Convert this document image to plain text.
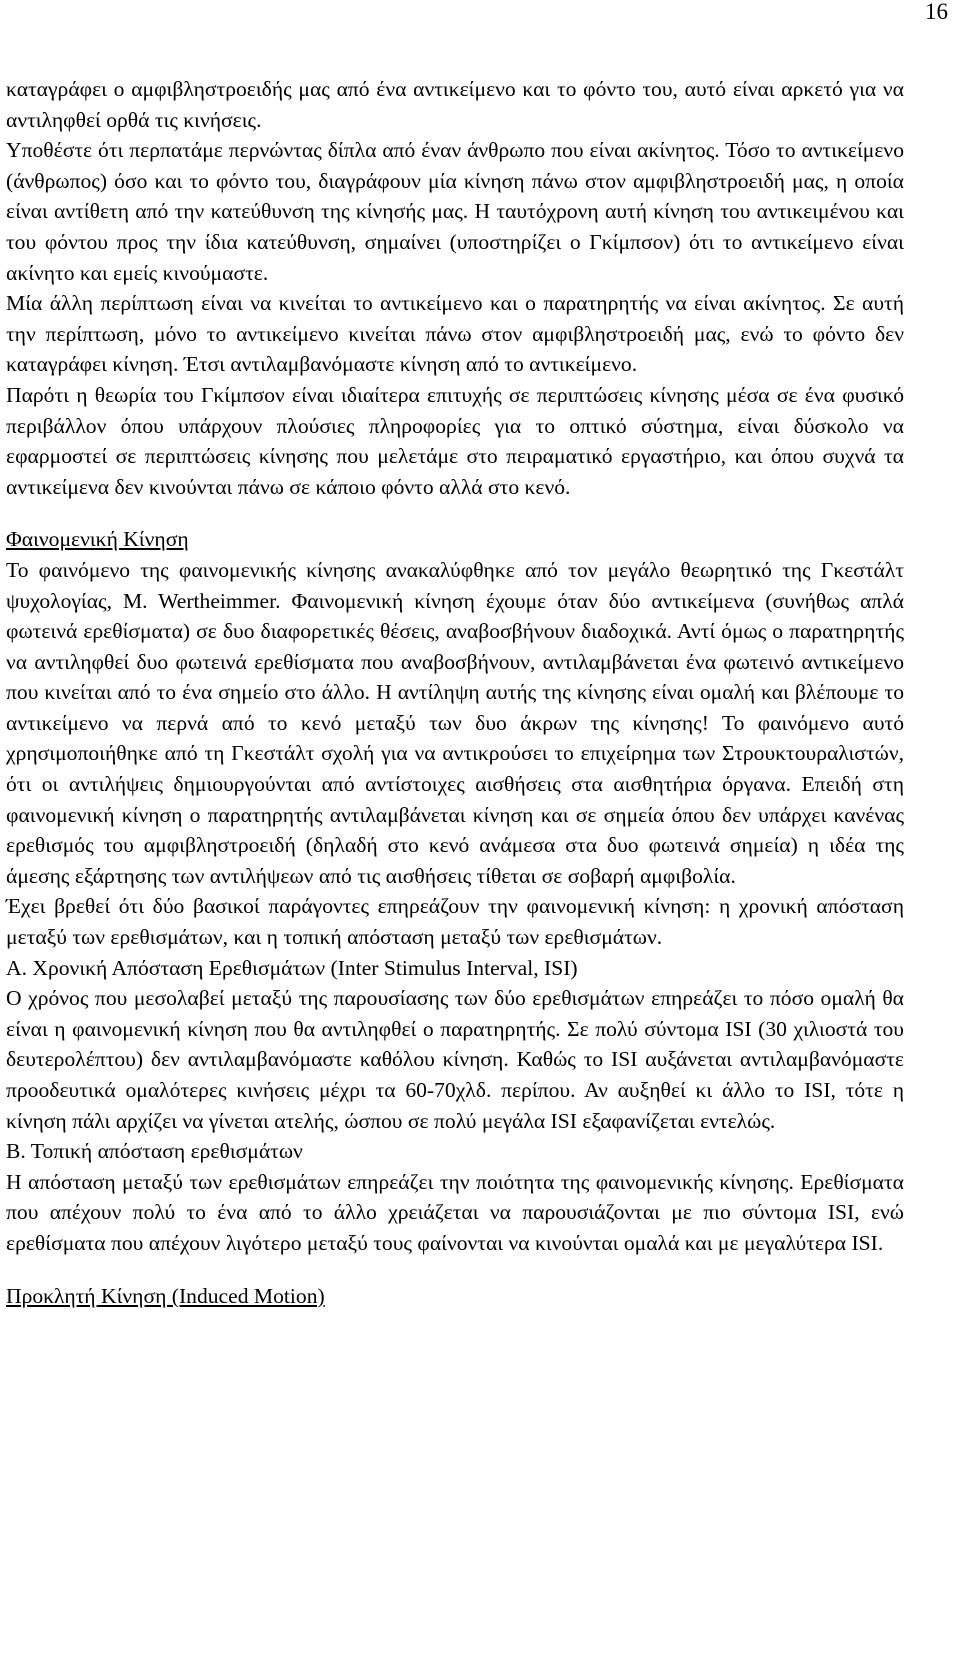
16

καταγράφει ο αμφιβληστροειδής μας από ένα αντικείμενο και το φόντο του, αυτό είναι αρκετό για να αντιληφθεί ορθά τις κινήσεις.

Υποθέστε ότι περπατάμε περνώντας δίπλα από έναν άνθρωπο που είναι ακίνητος. Τόσο το αντικείμενο (άνθρωπος) όσο και το φόντο του, διαγράφουν μία κίνηση πάνω στον αμφιβληστροειδή μας, η οποία είναι αντίθετη από την κατεύθυνση της κίνησής μας. Η ταυτόχρονη αυτή κίνηση του αντικειμένου και του φόντου προς την ίδια κατεύθυνση, σημαίνει (υποστηρίζει ο Γκίμπσον) ότι το αντικείμενο είναι ακίνητο και εμείς κινούμαστε.

Μία άλλη περίπτωση είναι να κινείται το αντικείμενο και ο παρατηρητής να είναι ακίνητος. Σε αυτή την περίπτωση, μόνο το αντικείμενο κινείται πάνω στον αμφιβληστροειδή μας, ενώ το φόντο δεν καταγράφει κίνηση. Έτσι αντιλαμβανόμαστε κίνηση από το αντικείμενο.

Παρότι η θεωρία του Γκίμπσον είναι ιδιαίτερα επιτυχής σε περιπτώσεις κίνησης μέσα σε ένα φυσικό περιβάλλον όπου υπάρχουν πλούσιες πληροφορίες για το οπτικό σύστημα, είναι δύσκολο να εφαρμοστεί σε περιπτώσεις κίνησης που μελετάμε στο πειραματικό εργαστήριο, και όπου συχνά τα αντικείμενα δεν κινούνται πάνω σε κάποιο φόντο αλλά στο κενό.

Φαινομενική Κίνηση

Το φαινόμενο της φαινομενικής κίνησης ανακαλύφθηκε από τον μεγάλο θεωρητικό της Γκεστάλτ ψυχολογίας, M. Wertheimmer. Φαινομενική κίνηση έχουμε όταν δύο αντικείμενα (συνήθως απλά φωτεινά ερεθίσματα) σε δυο διαφορετικές θέσεις, αναβοσβήνουν διαδοχικά. Αντί όμως ο παρατηρητής να αντιληφθεί δυο φωτεινά ερεθίσματα που αναβοσβήνουν, αντιλαμβάνεται ένα φωτεινό αντικείμενο που κινείται από το ένα σημείο στο άλλο. Η αντίληψη αυτής της κίνησης είναι ομαλή και βλέπουμε το αντικείμενο να περνά από το κενό μεταξύ των δυο άκρων της κίνησης! Το φαινόμενο αυτό χρησιμοποιήθηκε από τη Γκεστάλτ σχολή για να αντικρούσει το επιχείρημα των Στρουκτουραλιστών, ότι οι αντιλήψεις δημιουργούνται από αντίστοιχες αισθήσεις στα αισθητήρια όργανα. Επειδή στη φαινομενική κίνηση ο παρατηρητής αντιλαμβάνεται κίνηση και σε σημεία όπου δεν υπάρχει κανένας ερεθισμός του αμφιβληστροειδή (δηλαδή στο κενό ανάμεσα στα δυο φωτεινά σημεία) η ιδέα της άμεσης εξάρτησης των αντιλήψεων από τις αισθήσεις τίθεται σε σοβαρή αμφιβολία.

Έχει βρεθεί ότι δύο βασικοί παράγοντες επηρεάζουν την φαινομενική κίνηση: η χρονική απόσταση μεταξύ των ερεθισμάτων, και η τοπική απόσταση μεταξύ των ερεθισμάτων.

Α. Χρονική Απόσταση Ερεθισμάτων (Inter Stimulus Interval, ISI)

Ο χρόνος που μεσολαβεί μεταξύ της παρουσίασης των δύο ερεθισμάτων επηρεάζει το πόσο ομαλή θα είναι η φαινομενική κίνηση που θα αντιληφθεί ο παρατηρητής. Σε πολύ σύντομα ISI (30 χιλιοστά του δευτερολέπτου) δεν αντιλαμβανόμαστε καθόλου κίνηση. Καθώς το ISI αυξάνεται αντιλαμβανόμαστε προοδευτικά ομαλότερες κινήσεις μέχρι τα 60-70χλδ. περίπου. Αν αυξηθεί κι άλλο το ISI, τότε η κίνηση πάλι αρχίζει να γίνεται ατελής, ώσπου σε πολύ μεγάλα ISI εξαφανίζεται εντελώς.

Β. Τοπική απόσταση ερεθισμάτων

Η απόσταση μεταξύ των ερεθισμάτων επηρεάζει την ποιότητα της φαινομενικής κίνησης. Ερεθίσματα που απέχουν πολύ το ένα από το άλλο χρειάζεται να παρουσιάζονται με πιο σύντομα ISI, ενώ ερεθίσματα που απέχουν λιγότερο μεταξύ τους φαίνονται να κινούνται ομαλά και με μεγαλύτερα ISI.

Προκλητή Κίνηση (Induced Motion)
